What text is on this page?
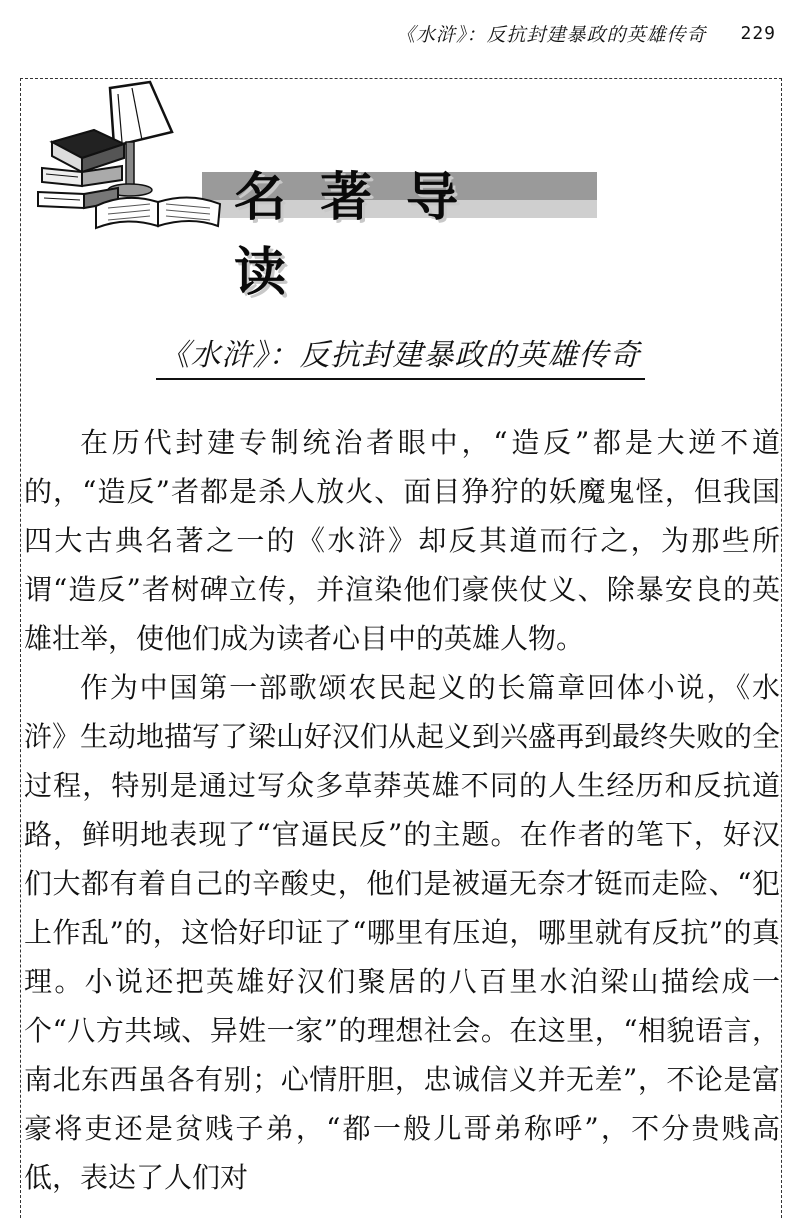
《水浒》：反抗封建暴政的英雄传奇 229
名著导读
《水浒》：反抗封建暴政的英雄传奇

在历代封建专制统治者眼中，“造反”都是大逆不道的，“造反”者都是杀人放火、面目狰狞的妖魔鬼怪，但我国四大古典名著之一的《水浒》却反其道而行之，为那些所谓“造反”者树碑立传，并渲染他们豪侠仗义、除暴安良的英雄壮举，使他们成为读者心目中的英雄人物。

作为中国第一部歌颂农民起义的长篇章回体小说，《水浒》生动地描写了梁山好汉们从起义到兴盛再到最终失败的全过程，特别是通过写众多草莽英雄不同的人生经历和反抗道路，鲜明地表现了“官逼民反”的主题。在作者的笔下，好汉们大都有着自己的辛酸史，他们是被逼无奈才铤而走险、“犯上作乱”的，这恰好印证了“哪里有压迫，哪里就有反抗”的真理。小说还把英雄好汉们聚居的八百里水泊梁山描绘成一个“八方共域、异姓一家”的理想社会。在这里，“相貌语言，南北东西虽各有别；心情肝胆，忠诚信义并无差”，不论是富豪将吏还是贫贱子弟，“都一般儿哥弟称呼”，不分贵贱高低，表达了人们对
